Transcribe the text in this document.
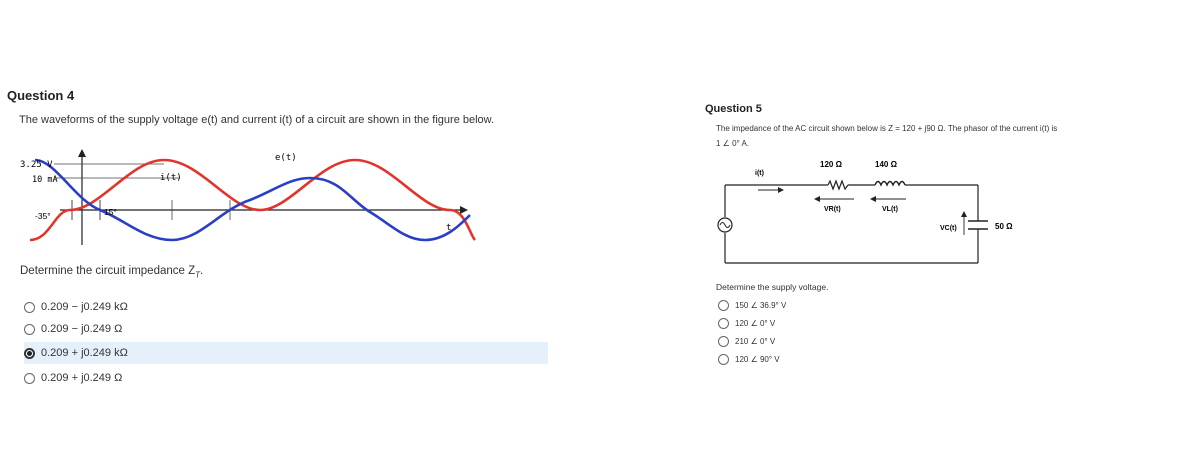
Question 4
The waveforms of the supply voltage e(t) and current i(t) of a circuit are shown in the figure below.
3.25 V
10 mA
e(t)
i(t)
t
-35°	15°
Determine the circuit impedance $Z_T$.
0.209 − j0.249 kΩ
0.209 − j0.249 Ω
0.209 + j0.249 kΩ
0.209 + j0.249 Ω
Question 5
The impedance of the AC circuit shown below is Z = 120 + j90 Ω. The phasor of the current i(t) is
1 ∠ 0° A.
120 Ω	140 Ω
50 Ω
i(t)
VR(t)	VL(t)
VC(t)
Determine the supply voltage.
150 ∠ 36.9° V
120 ∠ 0° V
210 ∠ 0° V
120 ∠ 90° V
